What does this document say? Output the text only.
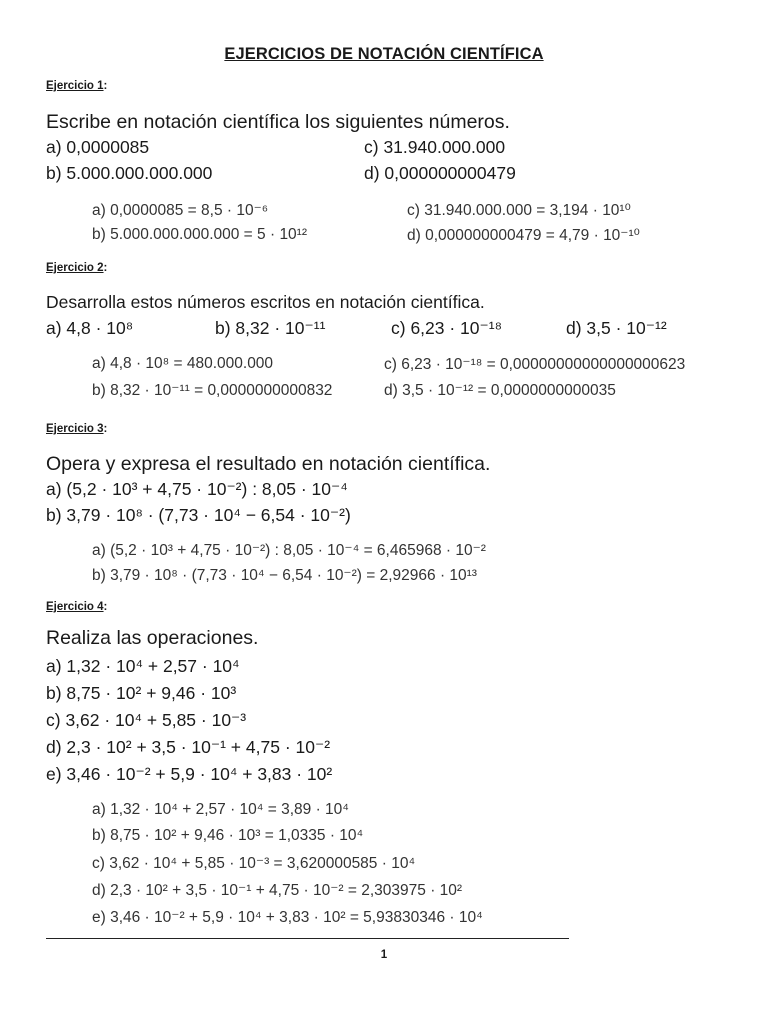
EJERCICIOS DE NOTACIÓN CIENTÍFICA
Ejercicio 1:
Escribe en notación científica los siguientes números.
a) 0,0000085	c) 31.940.000.000
b) 5.000.000.000.000	d) 0,000000000479
a) 0,0000085 = 8,5 · 10⁻⁶	c) 31.940.000.000 = 3,194 · 10¹⁰
b) 5.000.000.000.000 = 5 · 10¹²	d) 0,000000000479 = 4,79 · 10⁻¹⁰
Ejercicio 2:
Desarrolla estos números escritos en notación científica.
a) 4,8 · 10⁸	b) 8,32 · 10⁻¹¹	c) 6,23 · 10⁻¹⁸	d) 3,5 · 10⁻¹²
a) 4,8 · 10⁸ = 480.000.000	c) 6,23 · 10⁻¹⁸ = 0,00000000000000000623
b) 8,32 · 10⁻¹¹ = 0,0000000000832	d) 3,5 · 10⁻¹² = 0,0000000000035
Ejercicio 3:
Opera y expresa el resultado en notación científica.
a) (5,2 · 10³ + 4,75 · 10⁻²) : 8,05 · 10⁻⁴
b) 3,79 · 10⁸ · (7,73 · 10⁴ − 6,54 · 10⁻²)
a) (5,2 · 10³ + 4,75 · 10⁻²) : 8,05 · 10⁻⁴ = 6,465968 · 10⁻²
b) 3,79 · 10⁸ · (7,73 · 10⁴ − 6,54 · 10⁻²) = 2,92966 · 10¹³
Ejercicio 4:
Realiza las operaciones.
a) 1,32 · 10⁴ + 2,57 · 10⁴
b) 8,75 · 10² + 9,46 · 10³
c) 3,62 · 10⁴ + 5,85 · 10⁻³
d) 2,3 · 10² + 3,5 · 10⁻¹ + 4,75 · 10⁻²
e) 3,46 · 10⁻² + 5,9 · 10⁴ + 3,83 · 10²
a) 1,32 · 10⁴ + 2,57 · 10⁴ = 3,89 · 10⁴
b) 8,75 · 10² + 9,46 · 10³ = 1,0335 · 10⁴
c) 3,62 · 10⁴ + 5,85 · 10⁻³ = 3,620000585 · 10⁴
d) 2,3 · 10² + 3,5 · 10⁻¹ + 4,75 · 10⁻² = 2,303975 · 10²
e) 3,46 · 10⁻² + 5,9 · 10⁴ + 3,83 · 10² = 5,93830346 · 10⁴
1
